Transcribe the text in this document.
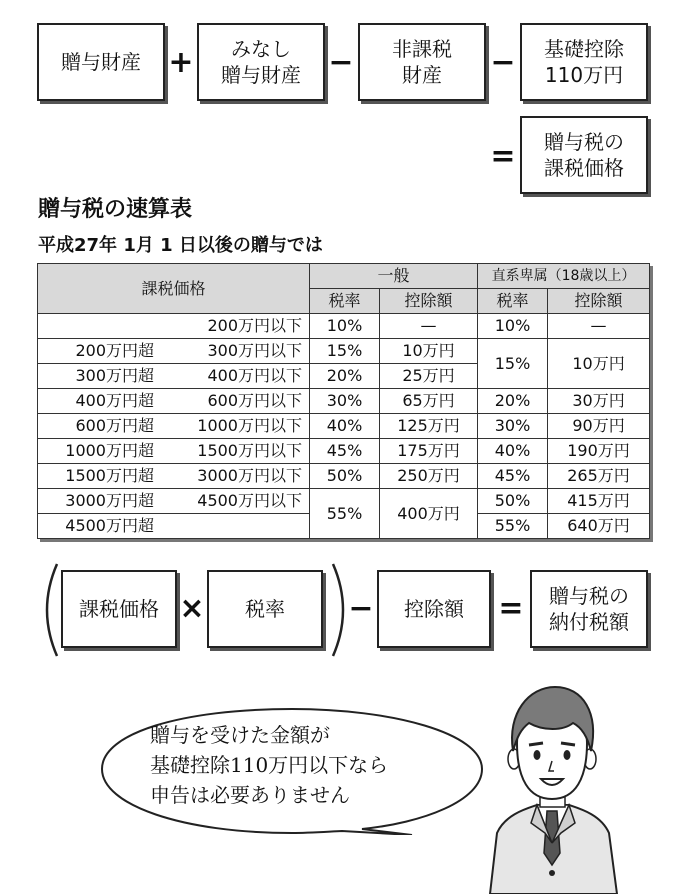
贈与財産 + みなし
贈与財産 − 非課税
財産 − 基礎控除
110万円
= 贈与税の
課税価格
贈与税の速算表
平成27年 1月 1 日以後の贈与では
課税価格	一般		直系卑属（18歳以上）	
	税率	控除額	税率	控除額
200万円以下	10%	—	10%	—
200万円超 300万円以下	15%	10万円	15%	10万円
300万円超 400万円以下	20%	25万円		
400万円超 600万円以下	30%	65万円	20%	30万円
600万円超 1000万円以下	40%	125万円	30%	90万円
1000万円超 1500万円以下	45%	175万円	40%	190万円
1500万円超 3000万円以下	50%	250万円	45%	265万円
3000万円超 4500万円以下	55%	400万円	50%	415万円
4500万円超			55%	640万円
課税価格 × 税率 − 控除額 = 贈与税の
納付税額
贈与を受けた金額が
基礎控除110万円以下なら
申告は必要ありません
